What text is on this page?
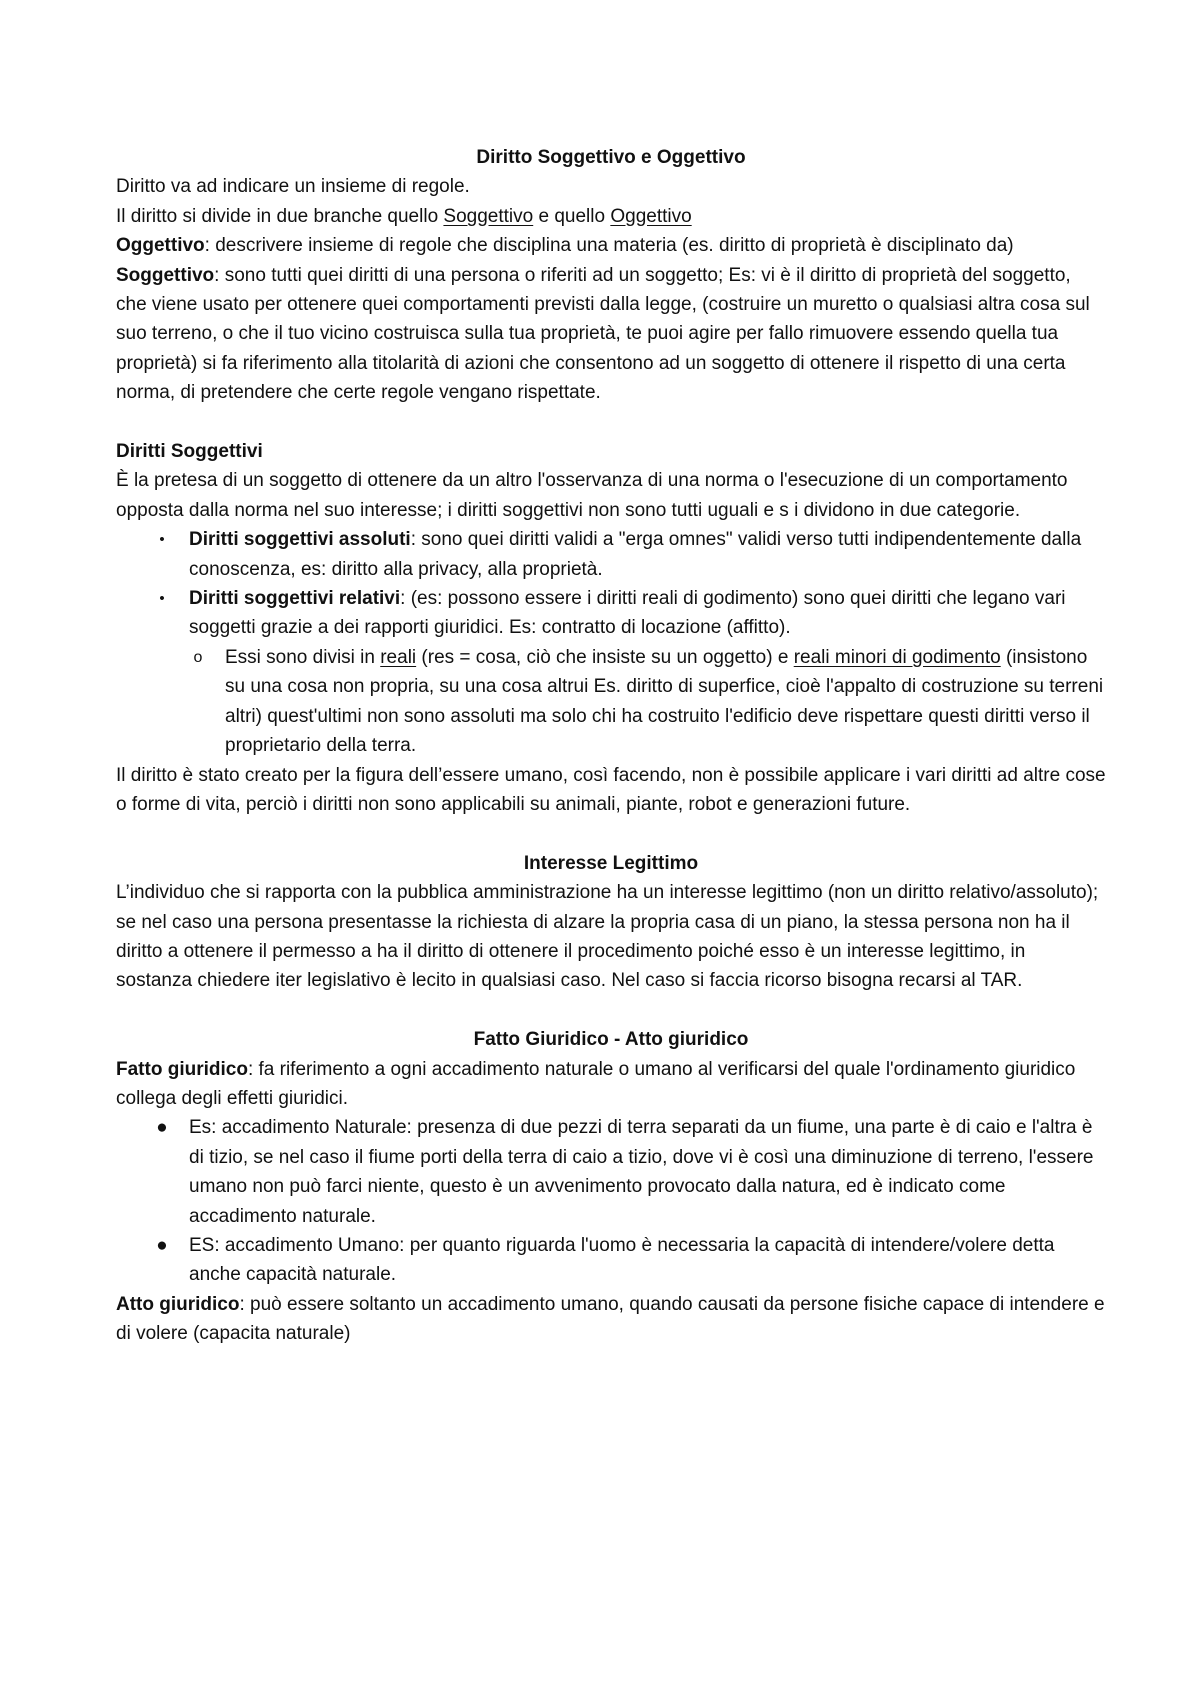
Diritto Soggettivo e Oggettivo

Diritto va ad indicare un insieme di regole.

Il diritto si divide in due branche quello Soggettivo e quello Oggettivo

Oggettivo: descrivere insieme di regole che disciplina una materia (es. diritto di proprietà è disciplinato da)

Soggettivo: sono tutti quei diritti di una persona o riferiti ad un soggetto; Es: vi è il diritto di proprietà del soggetto, che viene usato per ottenere quei comportamenti previsti dalla legge, (costruire un muretto o qualsiasi altra cosa sul suo terreno, o che il tuo vicino costruisca sulla tua proprietà, te puoi agire per fallo rimuovere essendo quella tua proprietà) si fa riferimento alla titolarità di azioni che consentono ad un soggetto di ottenere il rispetto di una certa norma, di pretendere che certe regole vengano rispettate.

Diritti Soggettivi

È la pretesa di un soggetto di ottenere da un altro l'osservanza di una norma o l'esecuzione di un comportamento opposta dalla norma nel suo interesse; i diritti soggettivi non sono tutti uguali e s i dividono in due categorie.

•	Diritti soggettivi assoluti: sono quei diritti validi a "erga omnes" validi verso tutti indipendentemente dalla conoscenza, es: diritto alla privacy, alla proprietà.
•	Diritti soggettivi relativi: (es: possono essere i diritti reali di godimento) sono quei diritti che legano vari soggetti grazie a dei rapporti giuridici. Es: contratto di locazione (affitto).
o Essi sono divisi in reali (res = cosa, ciò che insiste su un oggetto) e reali minori di godimento (insistono su una cosa non propria, su una cosa altrui Es. diritto di superfice, cioè l'appalto di costruzione su terreni altri) quest'ultimi non sono assoluti ma solo chi ha costruito l'edificio deve rispettare questi diritti verso il proprietario della terra.

Il diritto è stato creato per la figura dell’essere umano, così facendo, non è possibile applicare i vari diritti ad altre cose o forme di vita, perciò i diritti non sono applicabili su animali, piante, robot e generazioni future.

Interesse Legittimo

L’individuo che si rapporta con la pubblica amministrazione ha un interesse legittimo (non un diritto relativo/assoluto); se nel caso una persona presentasse la richiesta di alzare la propria casa di un piano, la stessa persona non ha il diritto a ottenere il permesso a ha il diritto di ottenere il procedimento poiché esso è un interesse legittimo, in sostanza chiedere iter legislativo è lecito in qualsiasi caso. Nel caso si faccia ricorso bisogna recarsi al TAR.

Fatto Giuridico - Atto giuridico

Fatto giuridico: fa riferimento a ogni accadimento naturale o umano al verificarsi del quale l'ordinamento giuridico collega degli effetti giuridici.

● Es: accadimento Naturale: presenza di due pezzi di terra separati da un fiume, una parte è di caio e l'altra è di tizio, se nel caso il fiume porti della terra di caio a tizio, dove vi è così una diminuzione di terreno, l'essere umano non può farci niente, questo è un avvenimento provocato dalla natura, ed è indicato come accadimento naturale.
● ES: accadimento Umano: per quanto riguarda l'uomo è necessaria la capacità di intendere/volere detta anche capacità naturale.

Atto giuridico: può essere soltanto un accadimento umano, quando causati da persone fisiche capace di intendere e di volere (capacita naturale)
